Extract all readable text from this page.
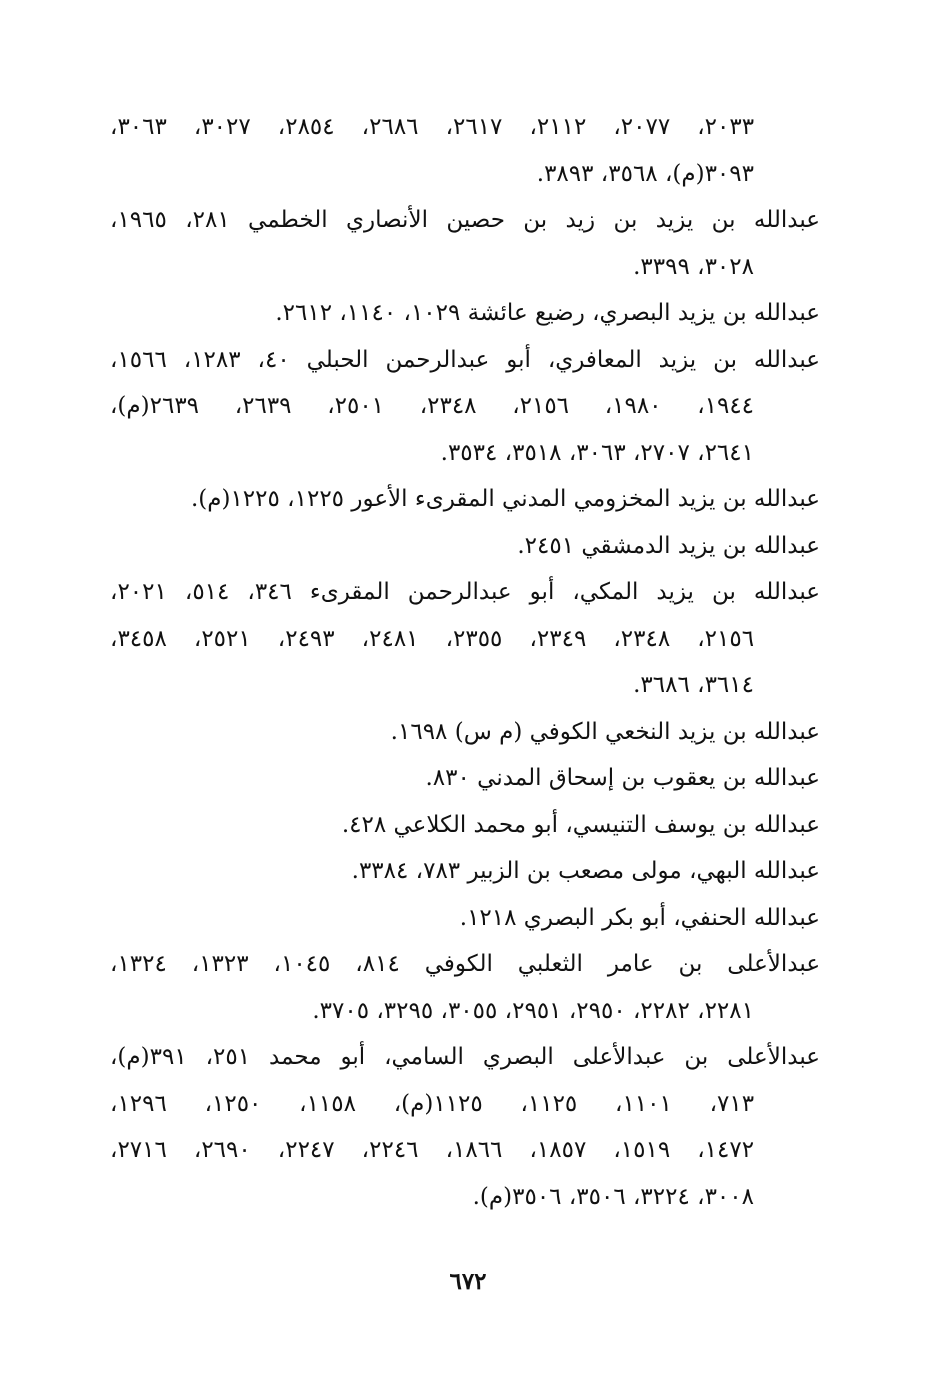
٢٠٣٣، ٢٠٧٧، ٢١١٢، ٢٦١٧، ٢٦٨٦، ٢٨٥٤، ٣٠٢٧، ٣٠٦٣،
٣٠٩٣(م)، ٣٥٦٨، ٣٨٩٣.
عبدالله بن يزيد بن زيد بن حصين الأنصاري الخطمي ٢٨١، ١٩٦٥،
٣٠٢٨، ٣٣٩٩.
عبدالله بن يزيد البصري، رضيع عائشة ١٠٢٩، ١١٤٠، ٢٦١٢.
عبدالله بن يزيد المعافري، أبو عبدالرحمن الحبلي ٤٠، ١٢٨٣، ١٥٦٦،
١٩٤٤، ١٩٨٠، ٢١٥٦، ٢٣٤٨، ٢٥٠١، ٢٦٣٩، ٢٦٣٩(م)،
٢٦٤١، ٢٧٠٧، ٣٠٦٣، ٣٥١٨، ٣٥٣٤.
عبدالله بن يزيد المخزومي المدني المقرىء الأعور ١٢٢٥، ١٢٢٥(م).
عبدالله بن يزيد الدمشقي ٢٤٥١.
عبدالله بن يزيد المكي، أبو عبدالرحمن المقرىء ٣٤٦، ٥١٤، ٢٠٢١،
٢١٥٦، ٢٣٤٨، ٢٣٤٩، ٢٣٥٥، ٢٤٨١، ٢٤٩٣، ٢٥٢١، ٣٤٥٨،
٣٦١٤، ٣٦٨٦.
عبدالله بن يزيد النخعي الكوفي (م س) ١٦٩٨.
عبدالله بن يعقوب بن إسحاق المدني ٨٣٠.
عبدالله بن يوسف التنيسي، أبو محمد الكلاعي ٤٢٨.
عبدالله البهي، مولى مصعب بن الزبير ٧٨٣، ٣٣٨٤.
عبدالله الحنفي، أبو بكر البصري ١٢١٨.
عبدالأعلى بن عامر الثعلبي الكوفي ٨١٤، ١٠٤٥، ١٣٢٣، ١٣٢٤،
٢٢٨١، ٢٢٨٢، ٢٩٥٠، ٢٩٥١، ٣٠٥٥، ٣٢٩٥، ٣٧٠٥.
عبدالأعلى بن عبدالأعلى البصري السامي، أبو محمد ٢٥١، ٣٩١(م)،
٧١٣، ١١٠١، ١١٢٥، ١١٢٥(م)، ١١٥٨، ١٢٥٠، ١٢٩٦،
١٤٧٢، ١٥١٩، ١٨٥٧، ١٨٦٦، ٢٢٤٦، ٢٢٤٧، ٢٦٩٠، ٢٧١٦،
٣٠٠٨، ٣٢٢٤، ٣٥٠٦، ٣٥٠٦(م).
٦٧٢
